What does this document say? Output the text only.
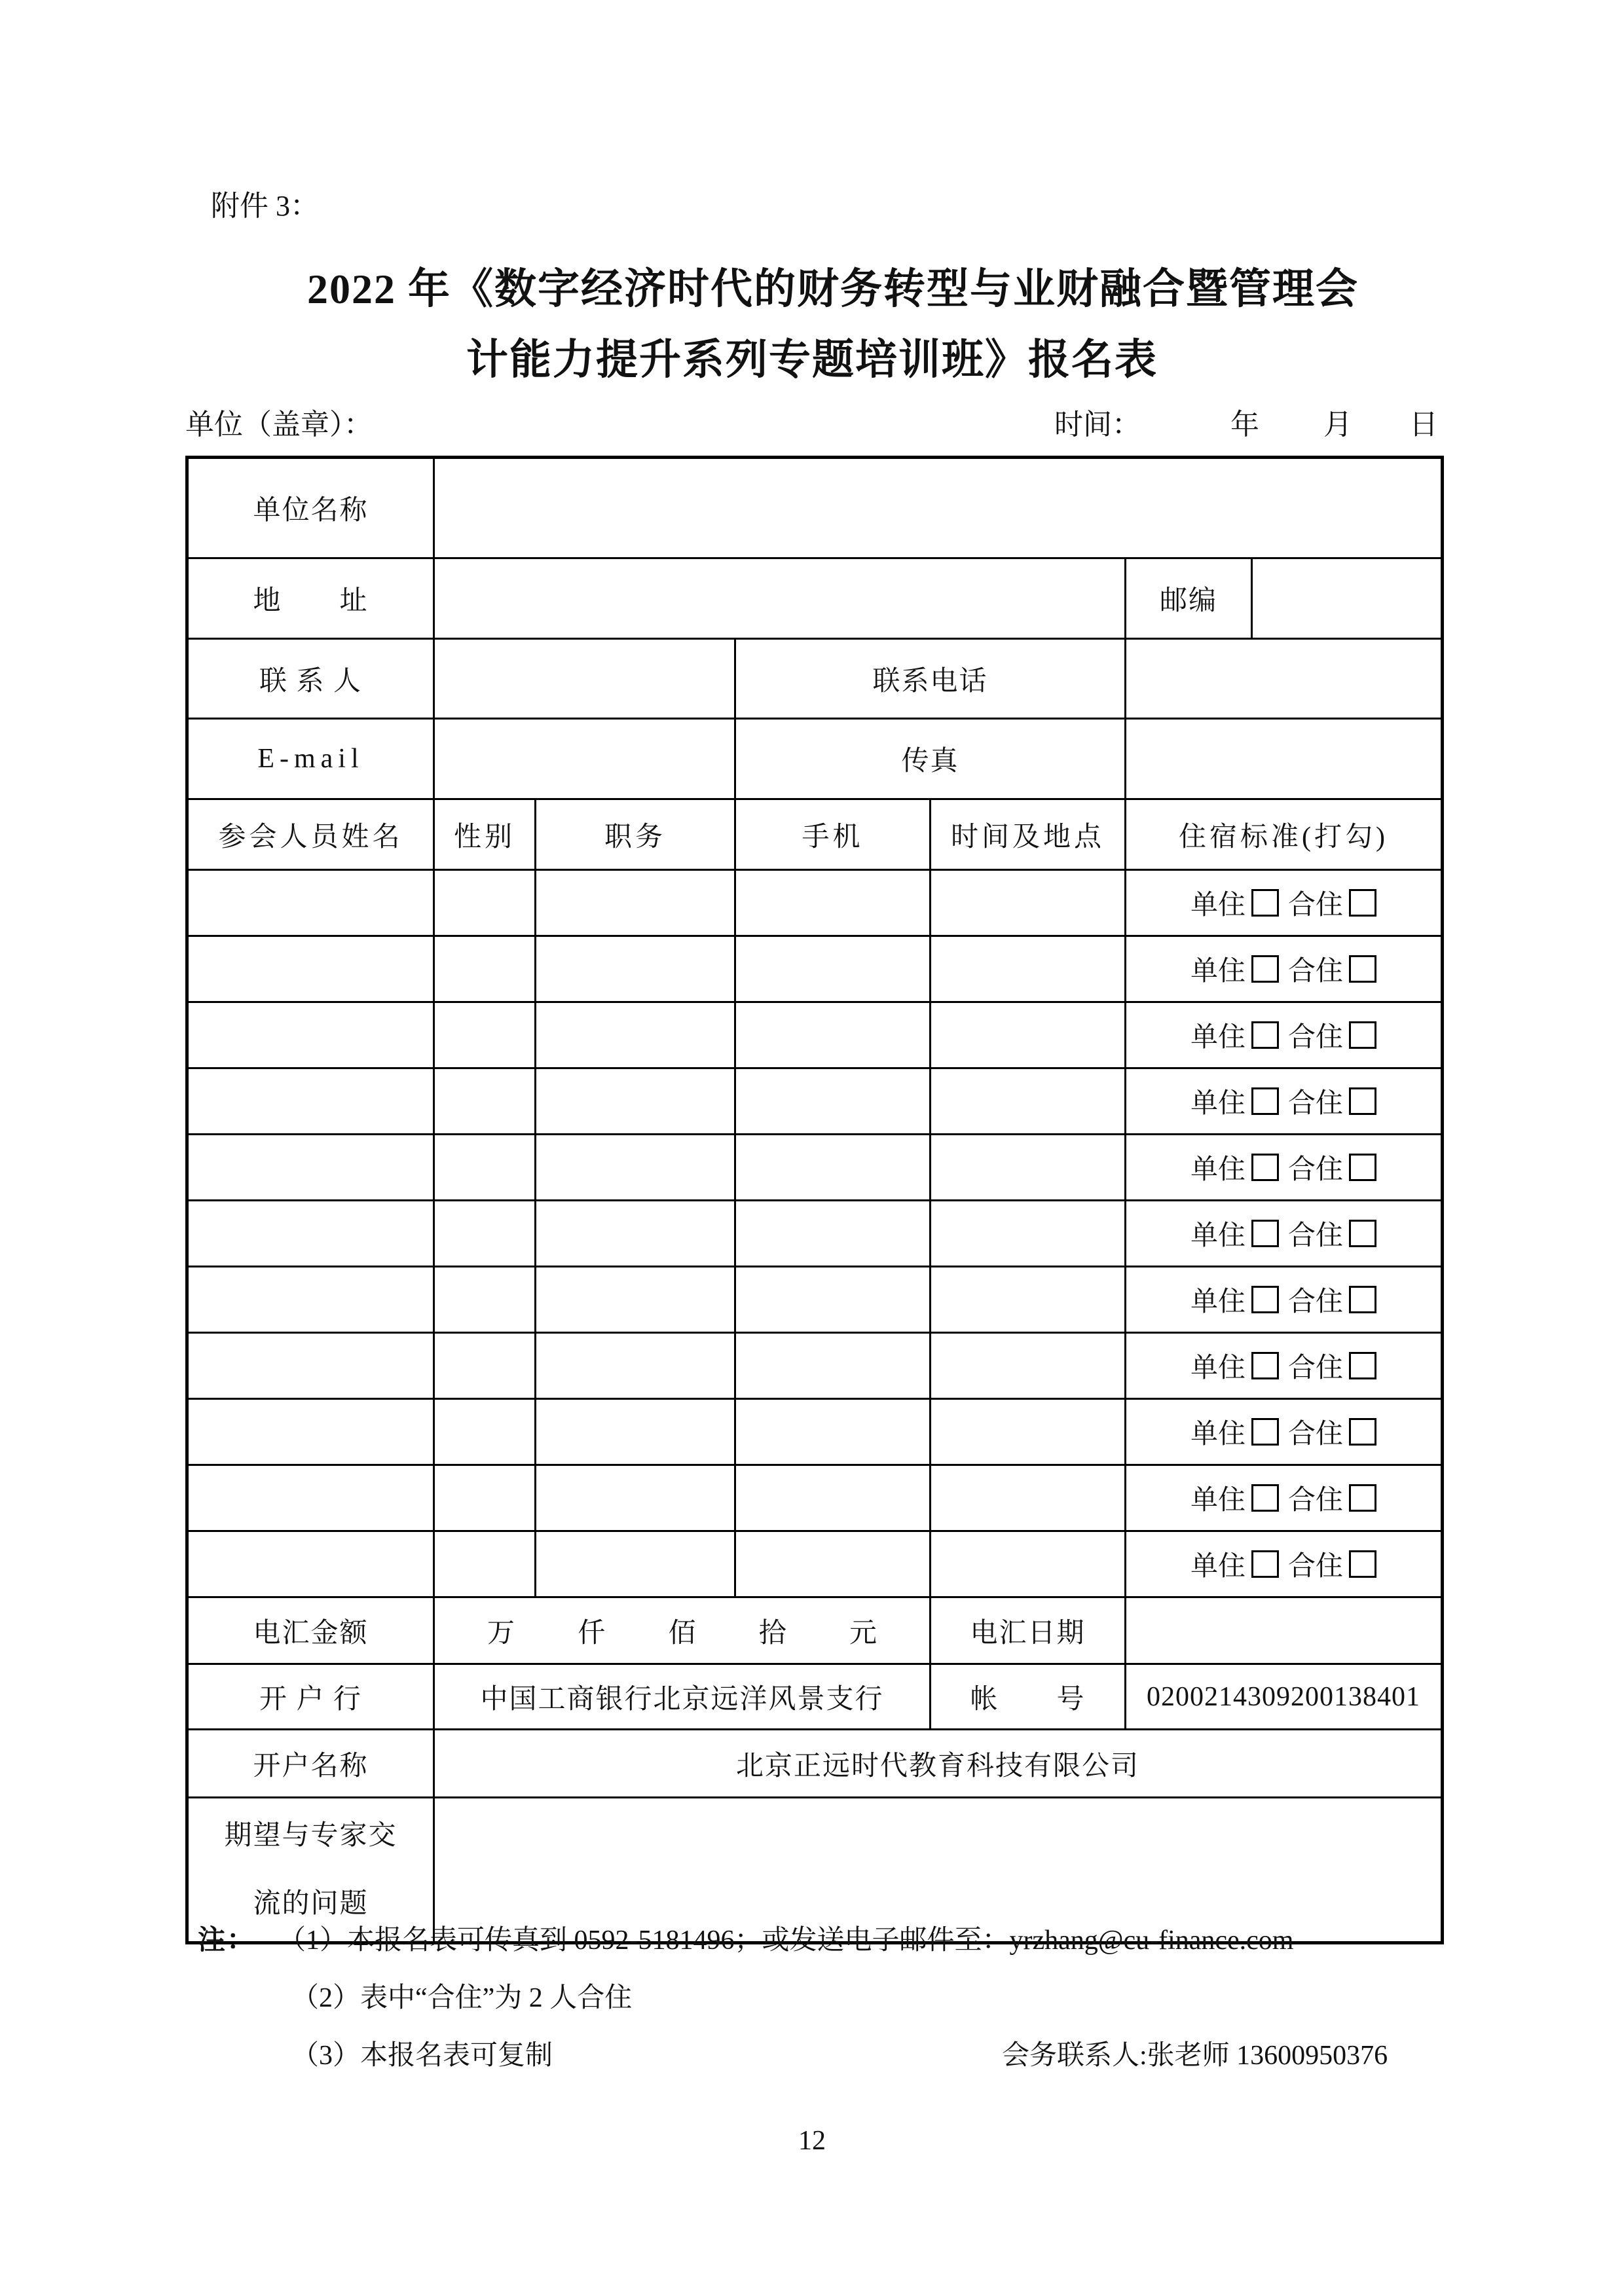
附件 3：
2022 年《数字经济时代的财务转型与业财融合暨管理会
计能力提升系列专题培训班》报名表
单位（盖章）：	时间：	年 月 日
单位名称						
地　　址					邮编	
联 系 人			联系电话			
E-mail			传真			
参会人员姓名	性别	职务	手机	时间及地点	住宿标准(打勾)	
					单住 合住	
					单住 合住	
					单住 合住	
					单住 合住	
					单住 合住	
					单住 合住	
					单住 合住	
					单住 合住	
					单住 合住	
					单住 合住	
					单住 合住	
电汇金额	万 仟 佰 拾 元			电汇日期		
开 户 行	中国工商银行北京远洋风景支行			帐　　号	0200214309200138401	
开户名称	北京正远时代教育科技有限公司					

期望与专家交
流的问题						

注： （1）本报名表可传真到 0592-5181496；或发送电子邮件至：yrzhang@cu-finance.com
（2）表中“合住”为 2 人合住
（3）本报名表可复制	会务联系人:张老师 13600950376
12
